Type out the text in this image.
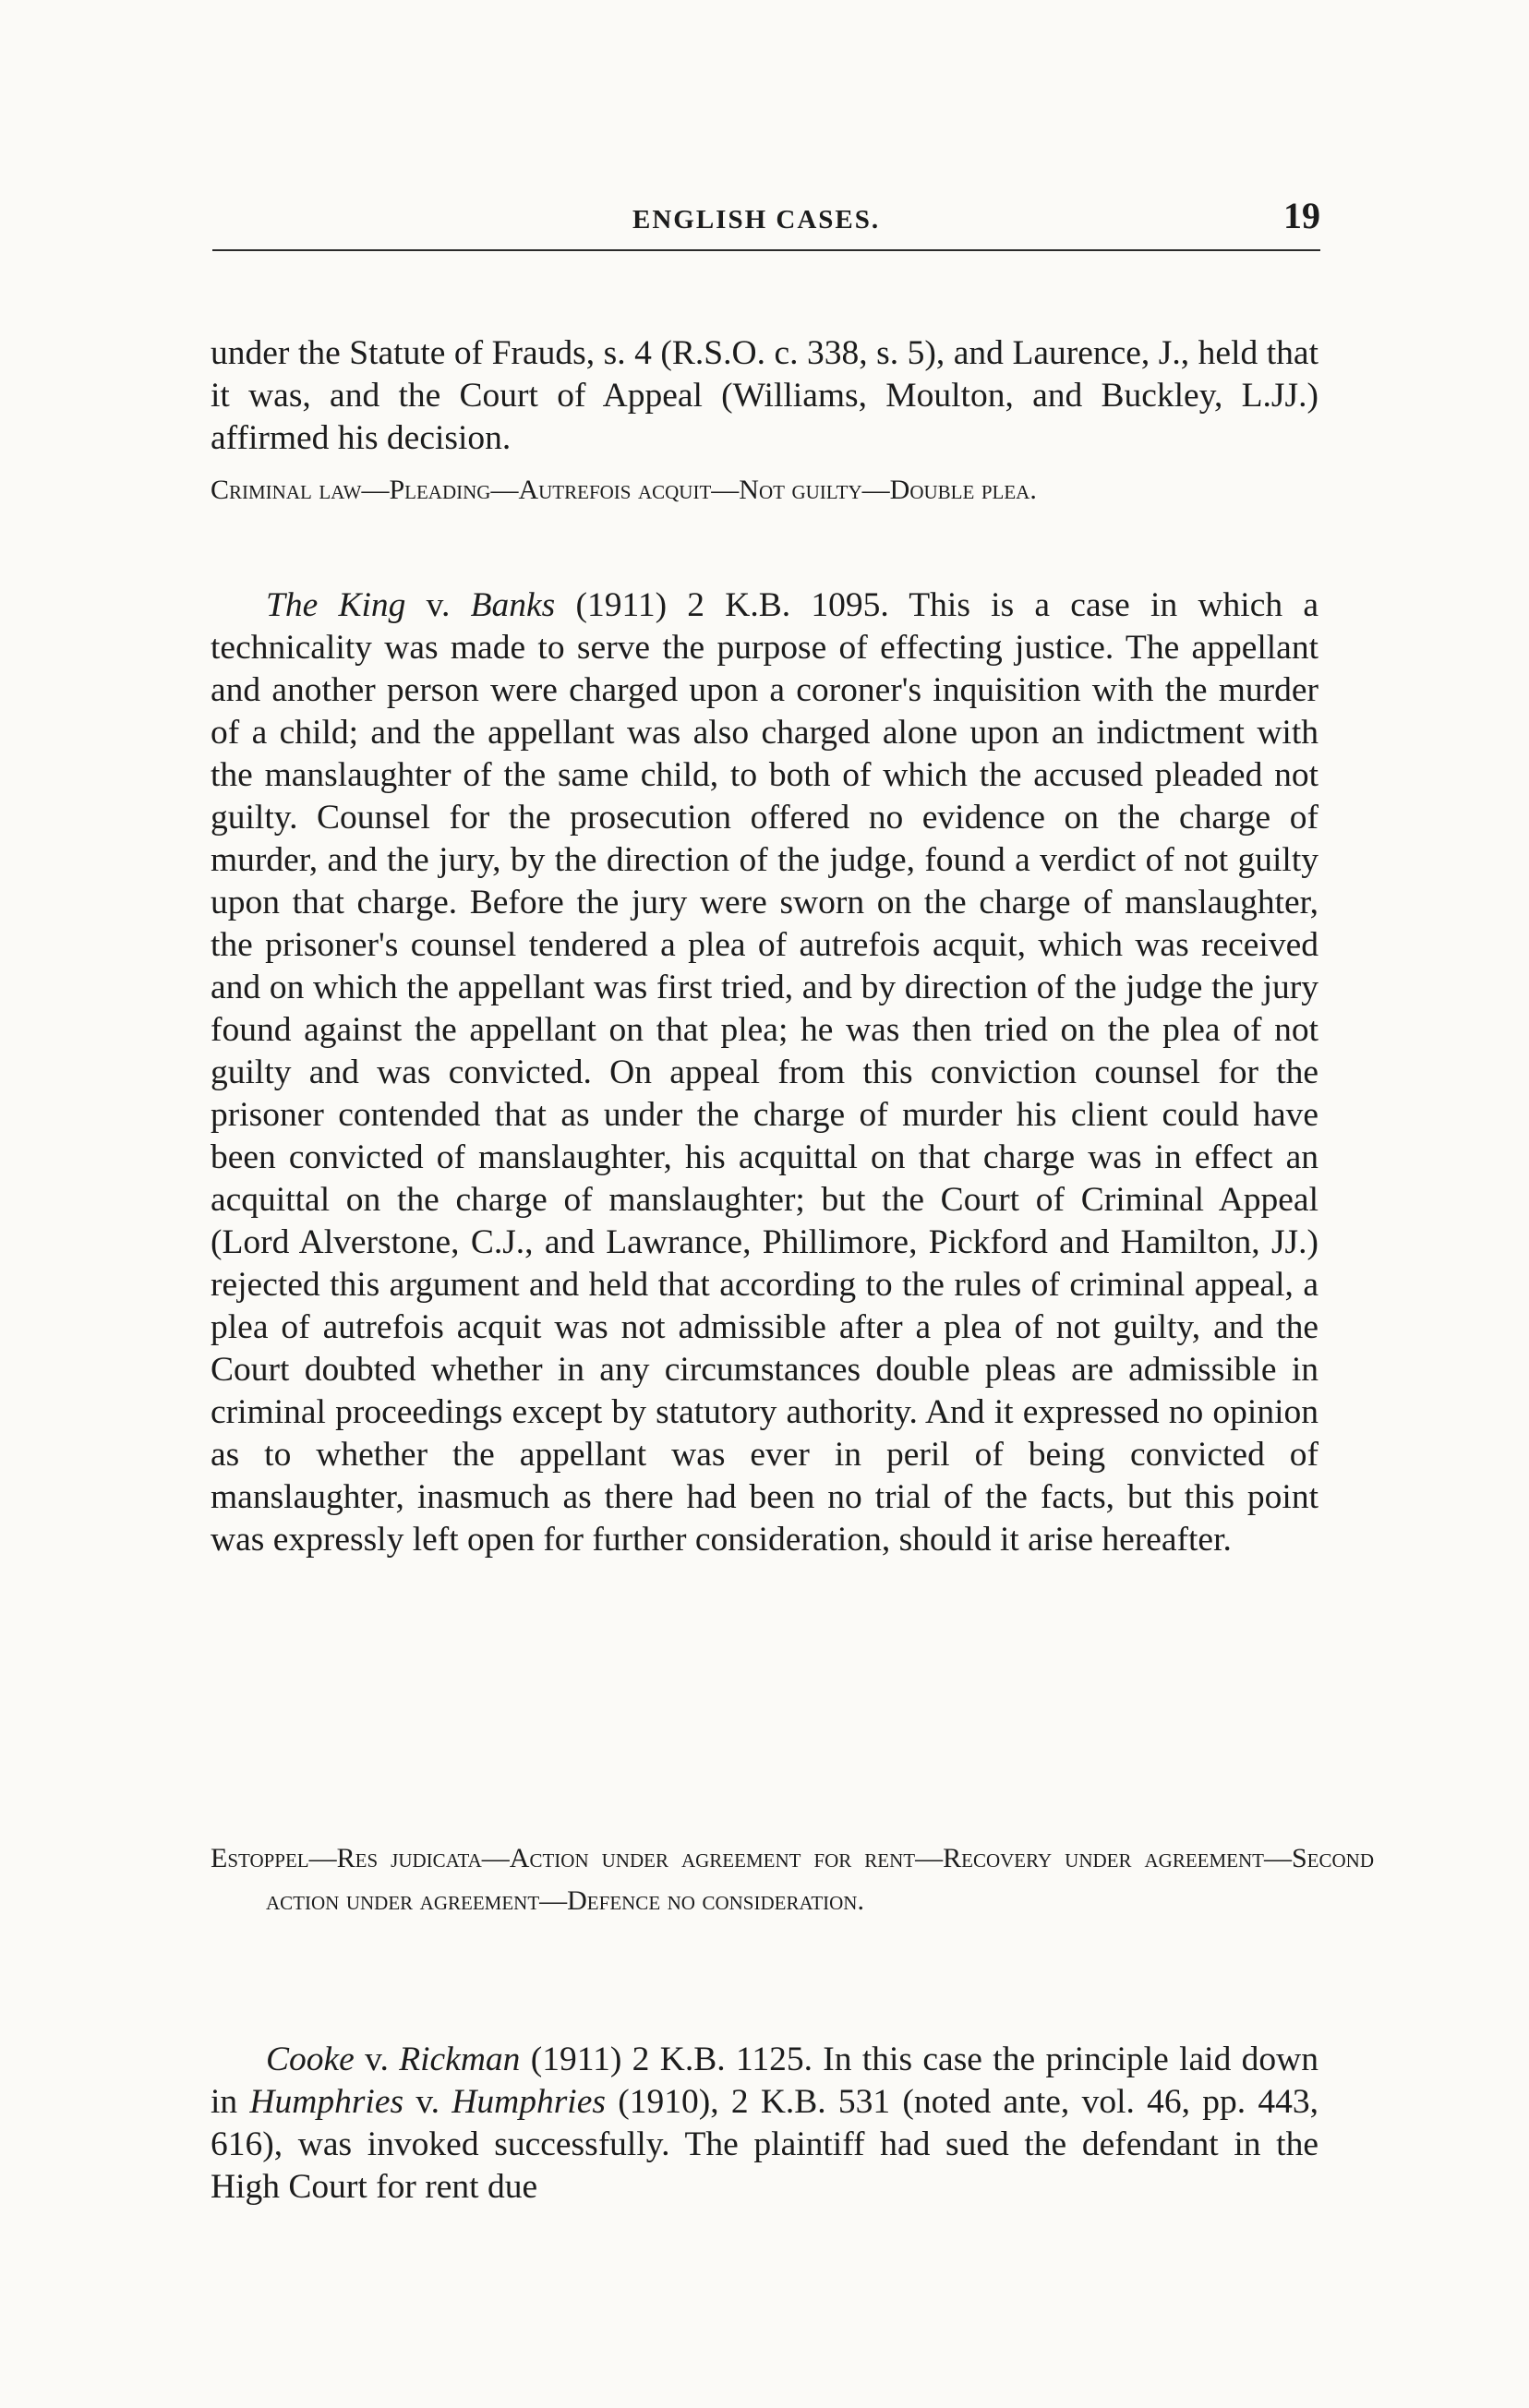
ENGLISH CASES.	19

under the Statute of Frauds, s. 4 (R.S.O. c. 338, s. 5), and Laurence, J., held that it was, and the Court of Appeal (Williams, Moulton, and Buckley, L.JJ.) affirmed his decision.

Criminal law—Pleading—Autrefois acquit—Not guilty—Double plea.

The King v. Banks (1911) 2 K.B. 1095. This is a case in which a technicality was made to serve the purpose of effecting justice. The appellant and another person were charged upon a coroner's inquisition with the murder of a child; and the appellant was also charged alone upon an indictment with the manslaughter of the same child, to both of which the accused pleaded not guilty. Counsel for the prosecution offered no evidence on the charge of murder, and the jury, by the direction of the judge, found a verdict of not guilty upon that charge. Before the jury were sworn on the charge of manslaughter, the prisoner's counsel tendered a plea of autrefois acquit, which was received and on which the appellant was first tried, and by direction of the judge the jury found against the appellant on that plea; he was then tried on the plea of not guilty and was convicted. On appeal from this conviction counsel for the prisoner contended that as under the charge of murder his client could have been convicted of manslaughter, his acquittal on that charge was in effect an acquittal on the charge of manslaughter; but the Court of Criminal Appeal (Lord Alverstone, C.J., and Lawrance, Phillimore, Pickford and Hamilton, JJ.) rejected this argument and held that according to the rules of criminal appeal, a plea of autrefois acquit was not admissible after a plea of not guilty, and the Court doubted whether in any circumstances double pleas are admissible in criminal proceedings except by statutory authority. And it expressed no opinion as to whether the appellant was ever in peril of being convicted of manslaughter, inasmuch as there had been no trial of the facts, but this point was expressly left open for further consideration, should it arise hereafter.

Estoppel—Res judicata—Action under agreement for rent—Recovery under agreement—Second action under agreement—Defence no consideration.

Cooke v. Rickman (1911) 2 K.B. 1125. In this case the principle laid down in Humphries v. Humphries (1910), 2 K.B. 531 (noted ante, vol. 46, pp. 443, 616), was invoked successfully. The plaintiff had sued the defendant in the High Court for rent due
